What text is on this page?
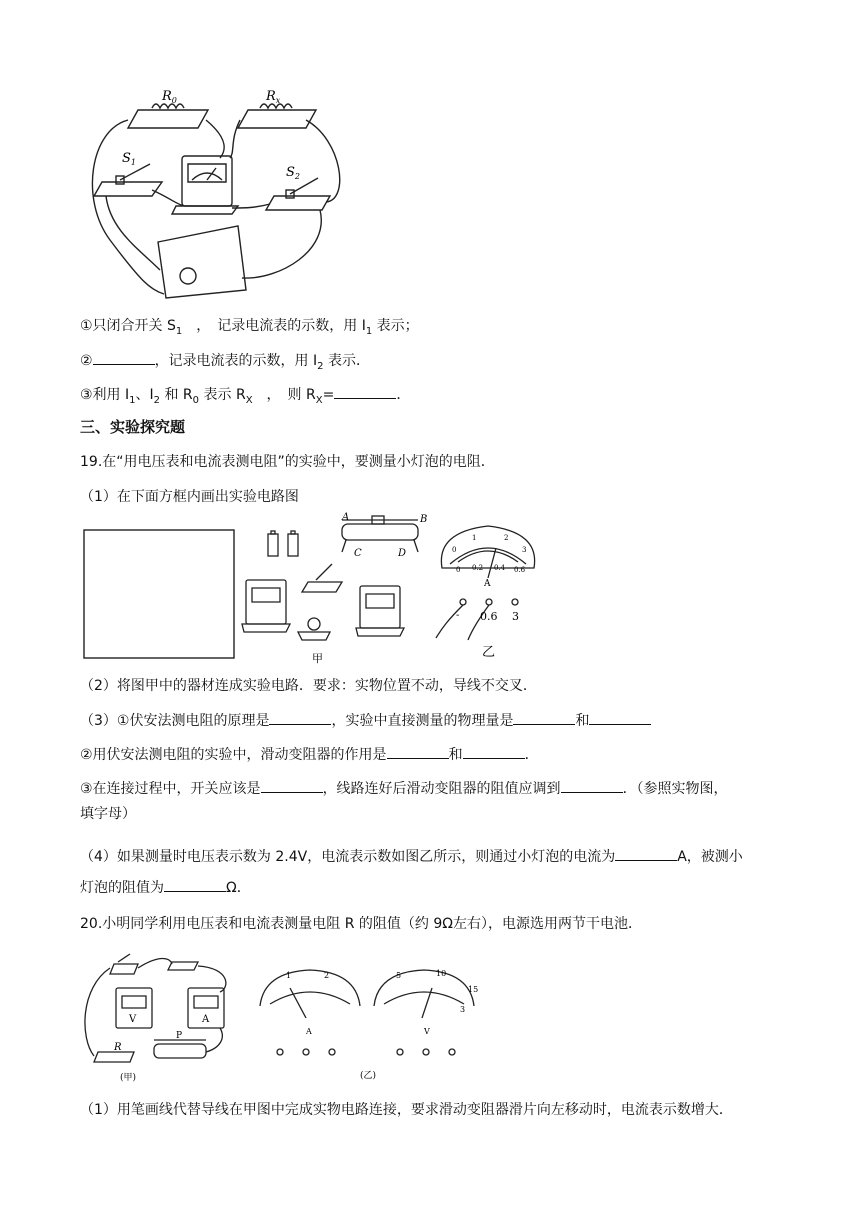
$R_0$	$R_x$
$S_1$
$S_2$
①只闭合开关 $S_1$　，　记录电流表的示数，用 $I_1$ 表示；
②	，记录电流表的示数，用 $I_2$ 表示．
③利用 $I_1$、$I_2$ 和 $R_0$ 表示 $R_X$　，　则 $R_X=$	．
三、实验探究题
19.在“用电压表和电流表测电阻”的实验中，要测量小灯泡的电阻．
（1）在下面方框内画出实验电路图
A	B
C	D
甲	乙
A
0
1	2
3
0 0.2 0.4 0.6
- 0.6 3
（2）将图甲中的器材连成实验电路．要求：实物位置不动，导线不交叉．
（3）①伏安法测电阻的原理是	，实验中直接测量的物理量是	和
②用伏安法测电阻的实验中，滑动变阻器的作用是	和	．
③在连接过程中，开关应该是	，线路连好后滑动变阻器的阻值应调到	．（参照实物图，
填字母）
（4）如果测量时电压表示数为 2.4V，电流表示数如图乙所示，则通过小灯泡的电流为	A，被测小
灯泡的阻值为	Ω．
20.小明同学利用电压表和电流表测量电阻 R 的阻值（约 9Ω左右），电源选用两节干电池．
V	A
R
P
(甲)	(乙)
1	2
A
5	10
15
3
V
（1）用笔画线代替导线在甲图中完成实物电路连接，要求滑动变阻器滑片向左移动时，电流表示数增大．
